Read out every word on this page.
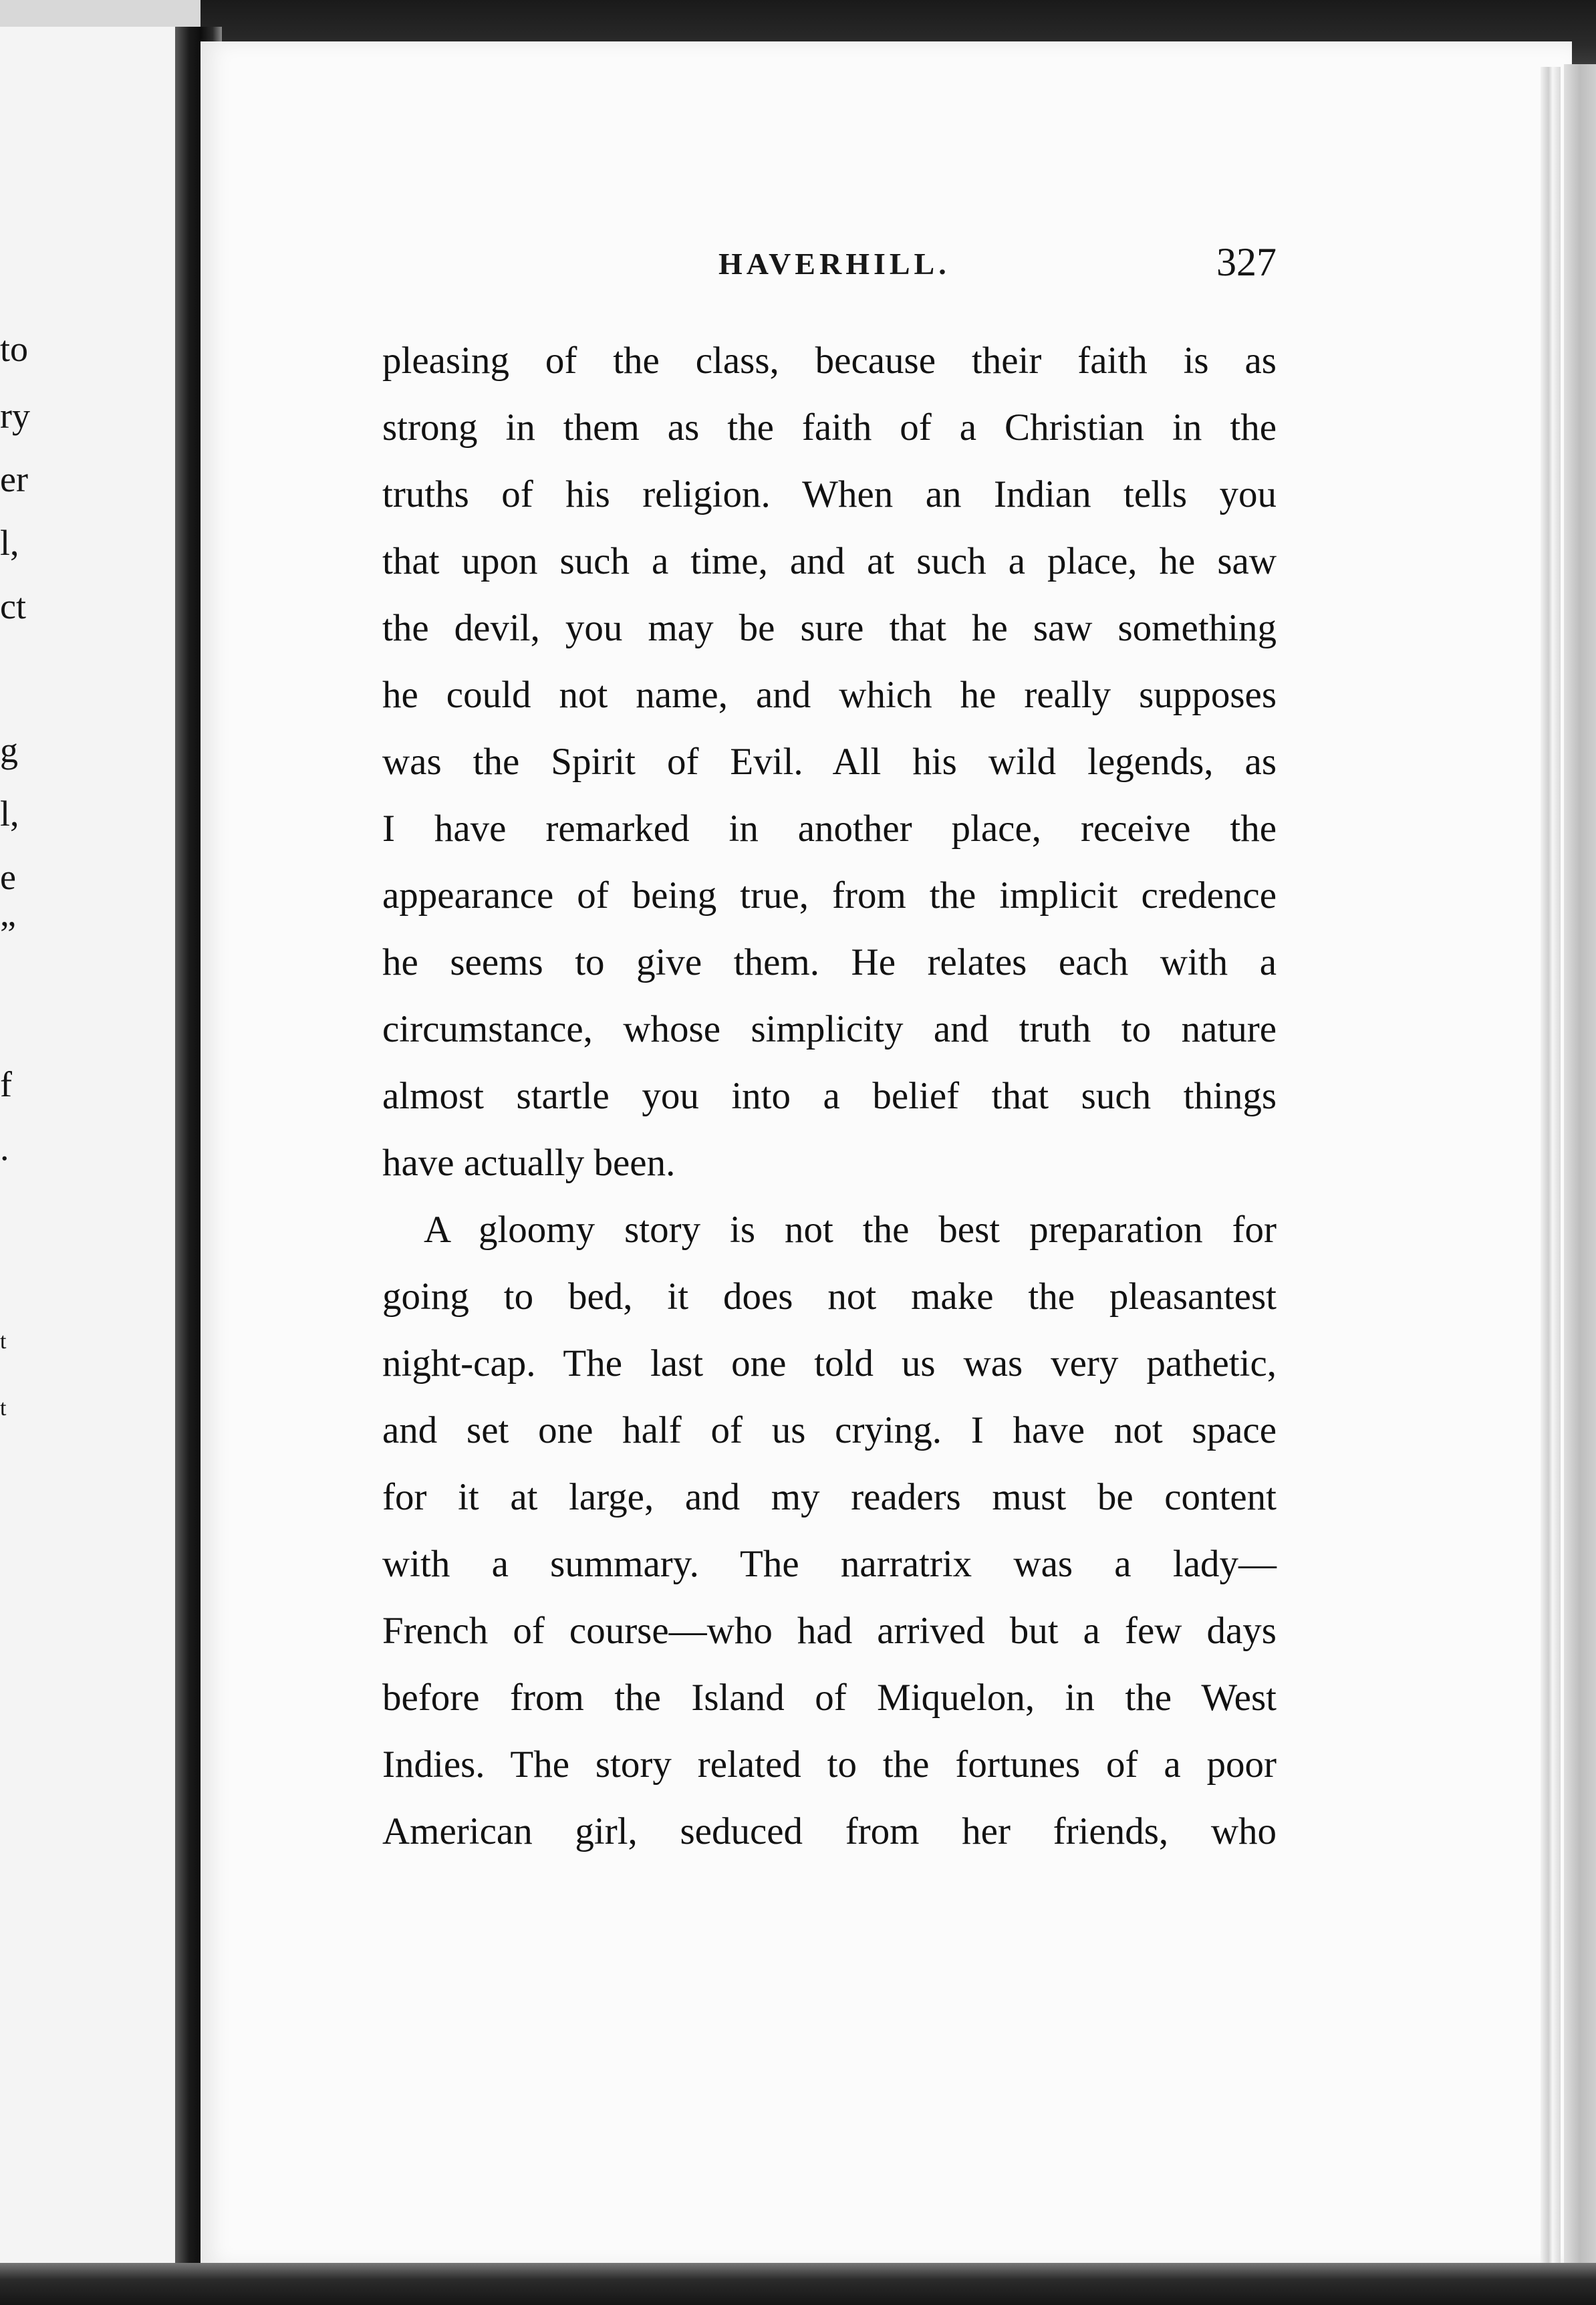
to
ry
er
l,
ct
g
l,
e
”
f
.
t
t
HAVERHILL.	327
pleasing of the class, because their faith is as
strong in them as the faith of a Christian in the
truths of his religion. When an Indian tells you
that upon such a time, and at such a place, he saw
the devil, you may be sure that he saw something
he could not name, and which he really supposes
was the Spirit of Evil. All his wild legends, as
I have remarked in another place, receive the
appearance of being true, from the implicit credence
he seems to give them. He relates each with a
circumstance, whose simplicity and truth to nature
almost startle you into a belief that such things
have actually been.
A gloomy story is not the best preparation for
going to bed, it does not make the pleasantest
night-cap. The last one told us was very pathetic,
and set one half of us crying. I have not space
for it at large, and my readers must be content
with a summary. The narratrix was a lady—
French of course—who had arrived but a few days
before from the Island of Miquelon, in the West
Indies. The story related to the fortunes of a poor
American girl, seduced from her friends, who
